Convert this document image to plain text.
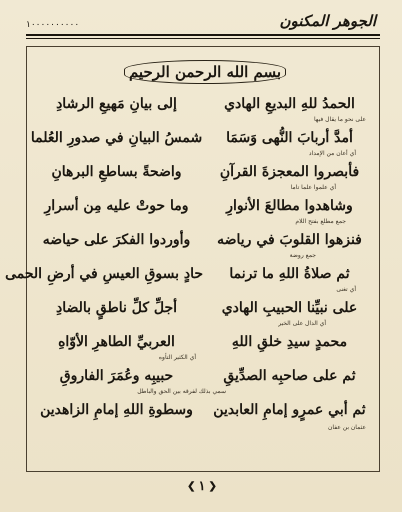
الجوهر المكنون
١٠٠٠٠٠٠٠٠٠٠
بسم الله الرحمن الرحيم
الحمدُ للهِ البديعِ الهادي
إلى بيانِ مَهيعِ الرشادِ
على نحو ما يقال فيها
أمدَّ أربابَ النُّهى وَسَمَا
شمسُ البيانِ في صدورِ العُلما
أي أعان من الإمداد
فأبصروا المعجزةَ القرآنِ
واضحةً بساطعِ البرهانِ
أي علموا علما تاما
وشاهدوا مطالعَ الأنوارِ
وما حوتْ عليه مِن أسرارِ
جمع مطلع بفتح اللام
فنزهوا القلوبَ في رياضه
وأوردوا الفكرَ على حياضه
جمع روضة
ثم صلاةُ اللهِ ما ترنما
حادٍ بسوقِ العيسِ في أرضِ الحمى
أي تغنى
على نبيِّنا الحبيبِ الهادي
أجلِّ كلِّ ناطقٍ بالضادِ
أي الدال على الخير
محمدٍ سيدِ خلقِ اللهِ
العربيِّ الطاهرِ الأوّاهِ
أي الكثير التأوه
ثم على صاحبِه الصدِّيقِ
حبيبِه وعُمَرَ الفاروقِ
سمي بذلك لفرقه بين الحق والباطل
ثم أبي عمرٍو إمامِ العابدين
وسطوةِ اللهِ إمامِ الزاهدين
عثمان بن عفان
❮ ١ ❯
